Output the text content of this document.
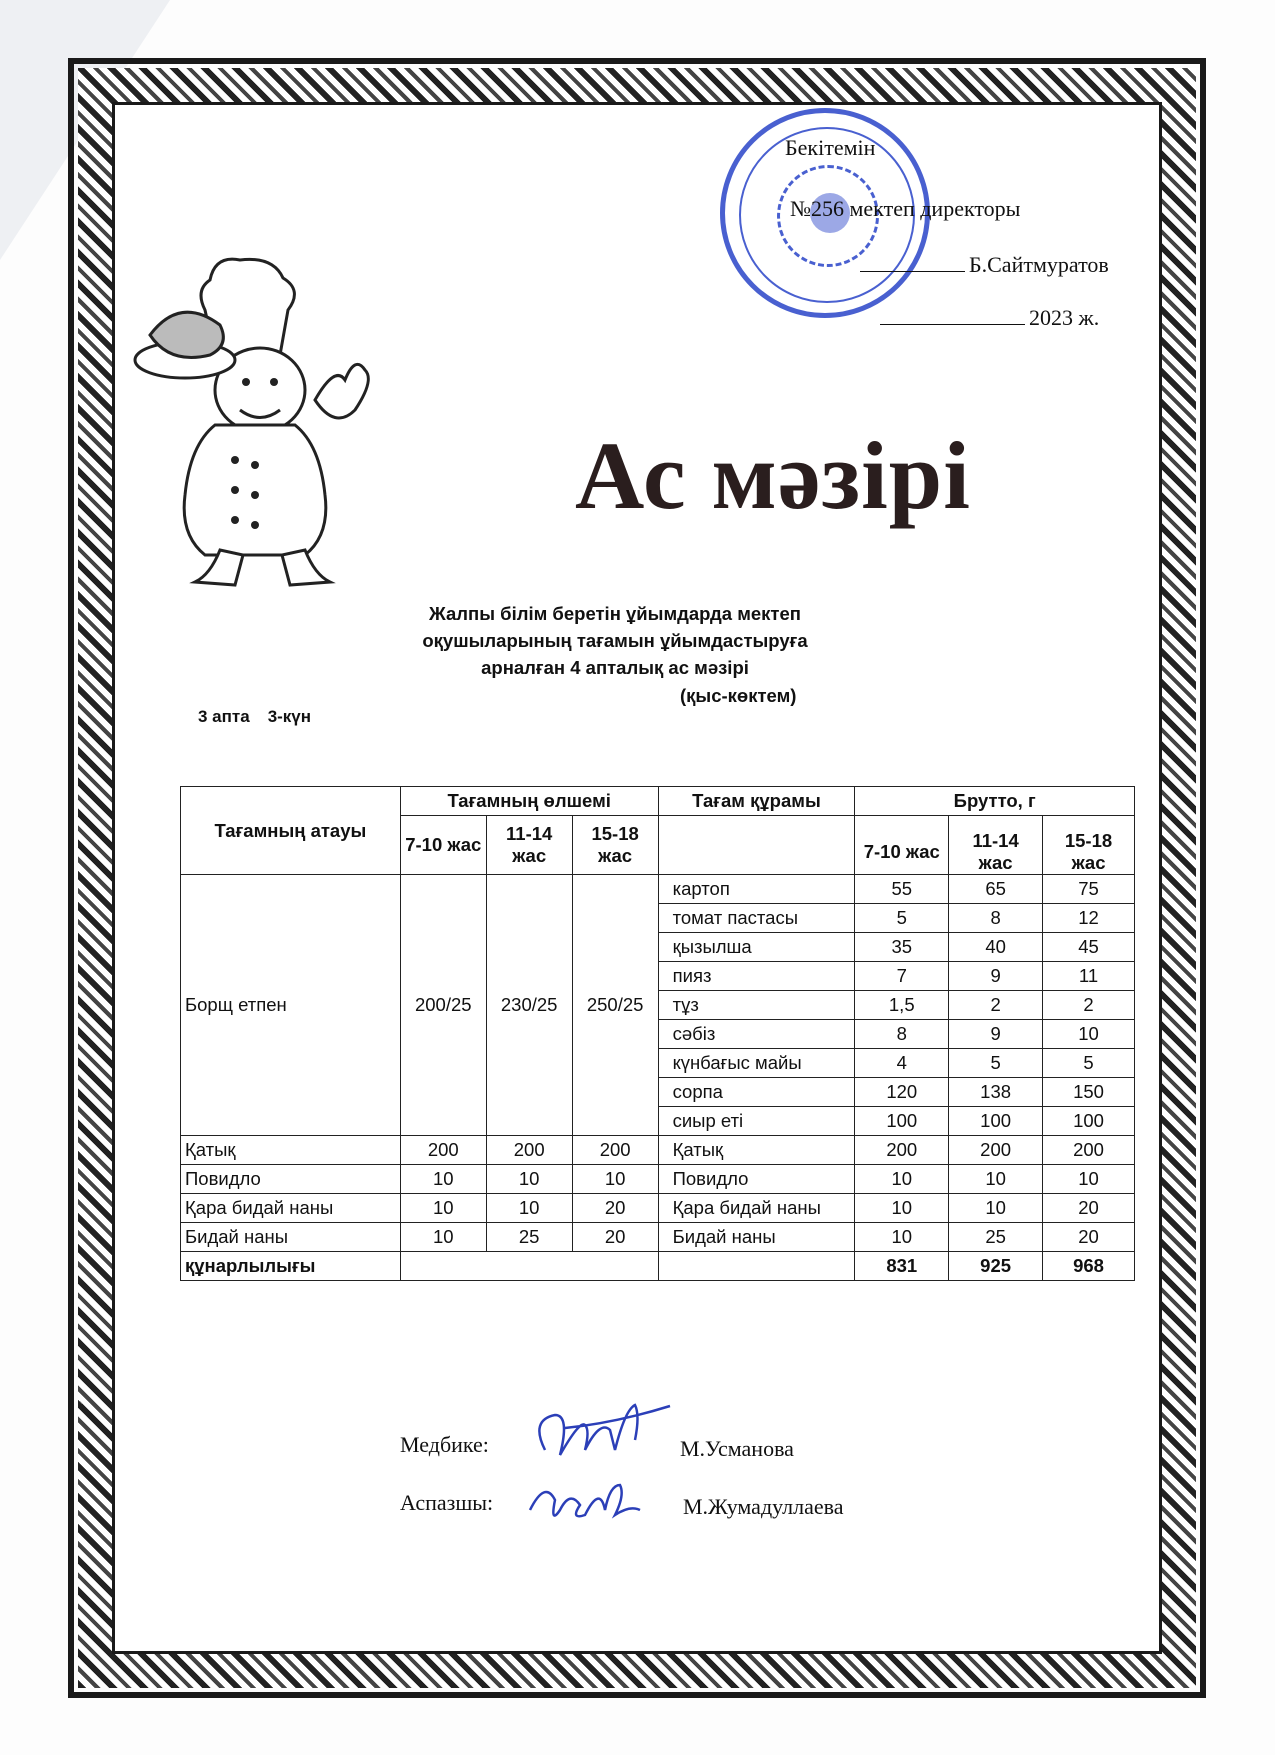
Бекітемін
№256 мектеп директоры
Б.Сайтмуратов
2023 ж.
Ас мәзірі
Жалпы білім беретін ұйымдарда мектеп
оқушыларының тағамын ұйымдастыруға
арналған 4 апталық ас мәзірі
(қыс-көктем)
3 апта 3-күн
Тағамның атауы	Тағамның өлшемі			Тағам құрамы	Брутто, г		
	7-10 жас	11-14 жас	15-18 жас		7-10 жас	11-14 жас	15-18 жас
Борщ етпен	200/25	230/25	250/25	картоп	55	65	75
				томат пастасы	5	8	12
				қызылша	35	40	45
				пияз	7	9	11
				тұз	1,5	2	2
				сәбіз	8	9	10
				күнбағыс майы	4	5	5
				сорпа	120	138	150
				сиыр еті	100	100	100
Қатық	200	200	200	Қатық	200	200	200
Повидло	10	10	10	Повидло	10	10	10
Қара бидай наны	10	10	20	Қара бидай наны	10	10	20
Бидай наны	10	25	20	Бидай наны	10	25	20
құнарлылығы					831	925	968
Медбике:	М.Усманова
Аспазшы:	М.Жумадуллаева
